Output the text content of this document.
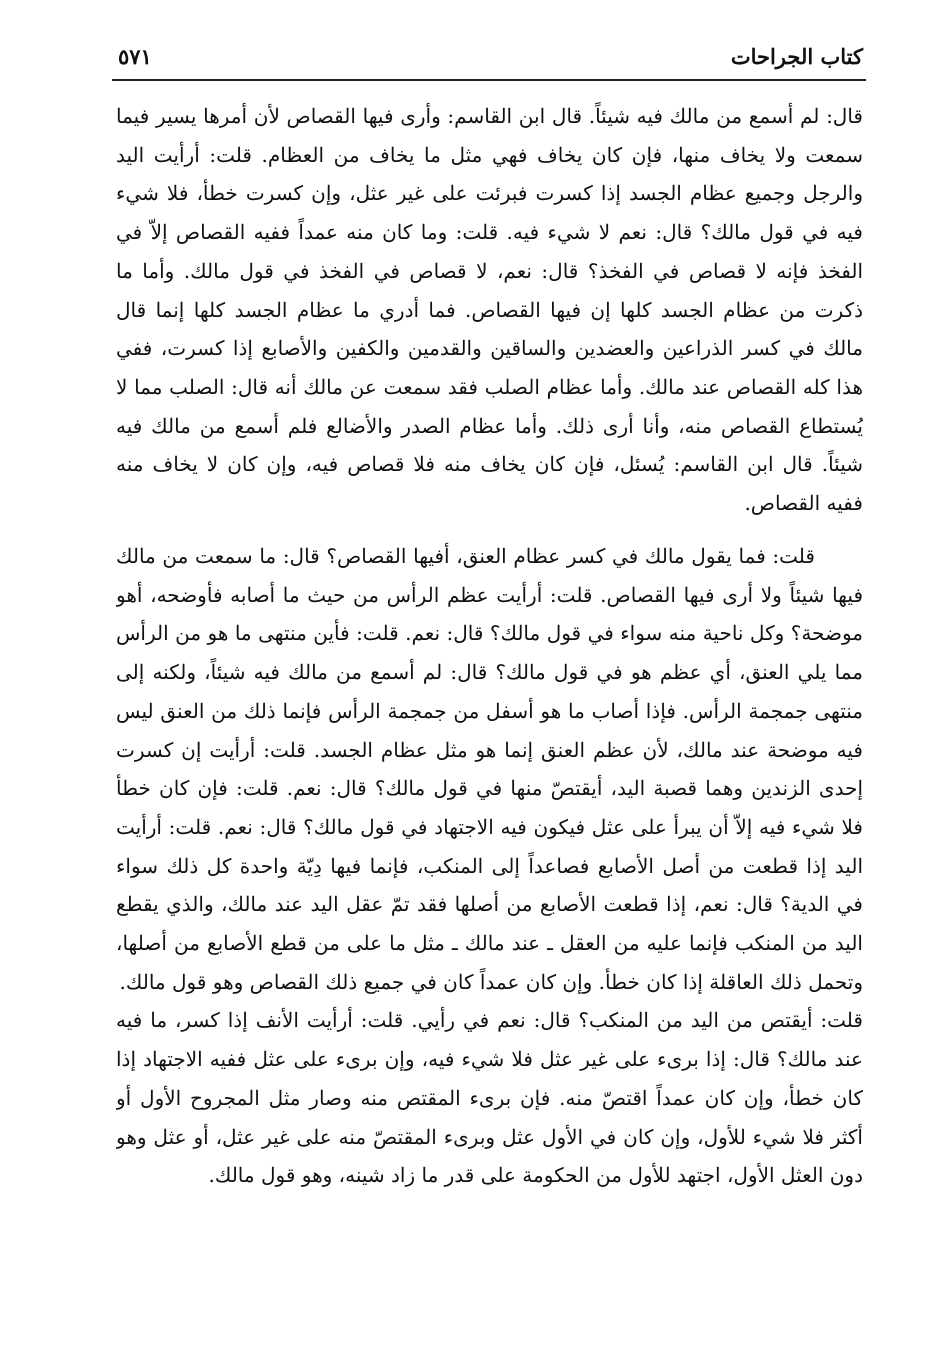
كتاب الجراحات
٥٧١

قال: لم أسمع من مالك فيه شيئاً. قال ابن القاسم: وأرى فيها القصاص لأن أمرها يسير فيما سمعت ولا يخاف منها، فإن كان يخاف فهي مثل ما يخاف من العظام. قلت: أرأيت اليد والرجل وجميع عظام الجسد إذا كسرت فبرئت على غير عثل، وإن كسرت خطأ، فلا شيء فيه في قول مالك؟ قال: نعم لا شيء فيه. قلت: وما كان منه عمداً ففيه القصاص إلاّ في الفخذ فإنه لا قصاص في الفخذ؟ قال: نعم، لا قصاص في الفخذ في قول مالك. وأما ما ذكرت من عظام الجسد كلها إن فيها القصاص. فما أدري ما عظام الجسد كلها إنما قال مالك في كسر الذراعين والعضدين والساقين والقدمين والكفين والأصابع إذا كسرت، ففي هذا كله القصاص عند مالك. وأما عظام الصلب فقد سمعت عن مالك أنه قال: الصلب مما لا يُستطاع القصاص منه، وأنا أرى ذلك. وأما عظام الصدر والأضالع فلم أسمع من مالك فيه شيئاً. قال ابن القاسم: يُسئل، فإن كان يخاف منه فلا قصاص فيه، وإن كان لا يخاف منه ففيه القصاص.

قلت: فما يقول مالك في كسر عظام العنق، أفيها القصاص؟ قال: ما سمعت من مالك فيها شيئاً ولا أرى فيها القصاص. قلت: أرأيت عظم الرأس من حيث ما أصابه فأوضحه، أهو موضحة؟ وكل ناحية منه سواء في قول مالك؟ قال: نعم. قلت: فأين منتهى ما هو من الرأس مما يلي العنق، أي عظم هو في قول مالك؟ قال: لم أسمع من مالك فيه شيئاً، ولكنه إلى منتهى جمجمة الرأس. فإذا أصاب ما هو أسفل من جمجمة الرأس فإنما ذلك من العنق ليس فيه موضحة عند مالك، لأن عظم العنق إنما هو مثل عظام الجسد. قلت: أرأيت إن كسرت إحدى الزندين وهما قصبة اليد، أيقتصّ منها في قول مالك؟ قال: نعم. قلت: فإن كان خطأ فلا شيء فيه إلاّ أن يبرأ على عثل فيكون فيه الاجتهاد في قول مالك؟ قال: نعم. قلت: أرأيت اليد إذا قطعت من أصل الأصابع فصاعداً إلى المنكب، فإنما فيها دِيّة واحدة كل ذلك سواء في الدية؟ قال: نعم، إذا قطعت الأصابع من أصلها فقد تمّ عقل اليد عند مالك، والذي يقطع اليد من المنكب فإنما عليه من العقل ـ عند مالك ـ مثل ما على من قطع الأصابع من أصلها، وتحمل ذلك العاقلة إذا كان خطأ. وإن كان عمداً كان في جميع ذلك القصاص وهو قول مالك.

قلت: أيقتص من اليد من المنكب؟ قال: نعم في رأيي. قلت: أرأيت الأنف إذا كسر، ما فيه عند مالك؟ قال: إذا برىء على غير عثل فلا شيء فيه، وإن برىء على عثل ففيه الاجتهاد إذا كان خطأ، وإن كان عمداً اقتصّ منه. فإن برىء المقتص منه وصار مثل المجروح الأول أو أكثر فلا شيء للأول، وإن كان في الأول عثل وبرىء المقتصّ منه على غير عثل، أو عثل وهو دون العثل الأول، اجتهد للأول من الحكومة على قدر ما زاد شينه، وهو قول مالك.
